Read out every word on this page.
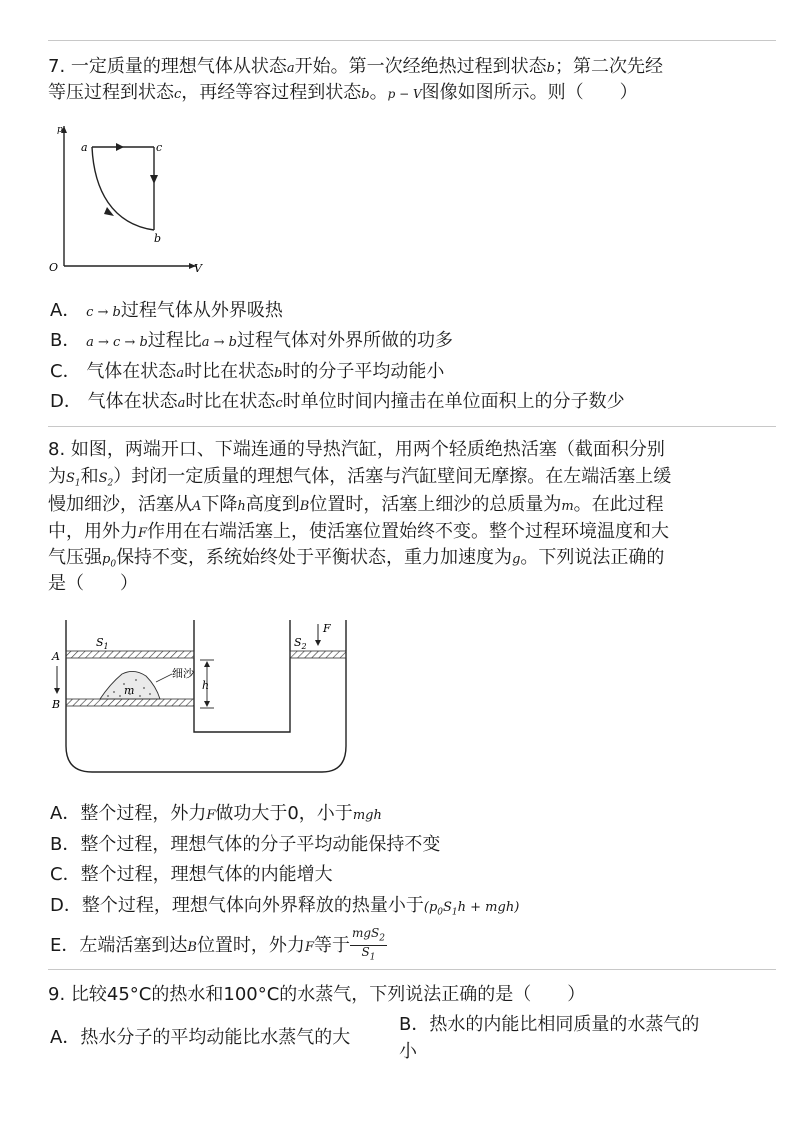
7. 一定质量的理想气体从状态a开始。第一次经绝热过程到状态b；第二次先经
等压过程到状态c，再经等容过程到状态b。p − V图像如图所示。则（　　）
p
V
O
a	c
b
A． c → b过程气体从外界吸热
B． a → c → b过程比a → b过程气体对外界所做的功多
C． 气体在状态a时比在状态b时的分子平均动能小
D． 气体在状态a时比在状态c时单位时间内撞击在单位面积上的分子数少
8. 如图，两端开口、下端连通的导热汽缸，用两个轻质绝热活塞（截面积分别
为$S_1$和$S_2$）封闭一定质量的理想气体，活塞与汽缸壁间无摩擦。在左端活塞上缓
慢加细沙，活塞从A下降h高度到B位置时，活塞上细沙的总质量为m。在此过程
中，用外力F作用在右端活塞上，使活塞位置始终不变。整个过程环境温度和大
气压强$p_0$保持不变，系统始终处于平衡状态，重力加速度为g。下列说法正确的
是（　　）
m
细沙
$S_1$	$S_2$
A
B
h
F
A．整个过程，外力F做功大于0，小于mgh
B．整个过程，理想气体的分子平均动能保持不变
C．整个过程，理想气体的内能增大
D．整个过程，理想气体向外界释放的热量小于$(p_0S_1h + mgh)$
E．左端活塞到达B位置时，外力F等于
mgS$_2$
$S_1$
9. 比较45°C的热水和100°C的水蒸气，下列说法正确的是（　　）
A．热水分子的平均动能比水蒸气的大
B．热水的内能比相同质量的水蒸气的
小
